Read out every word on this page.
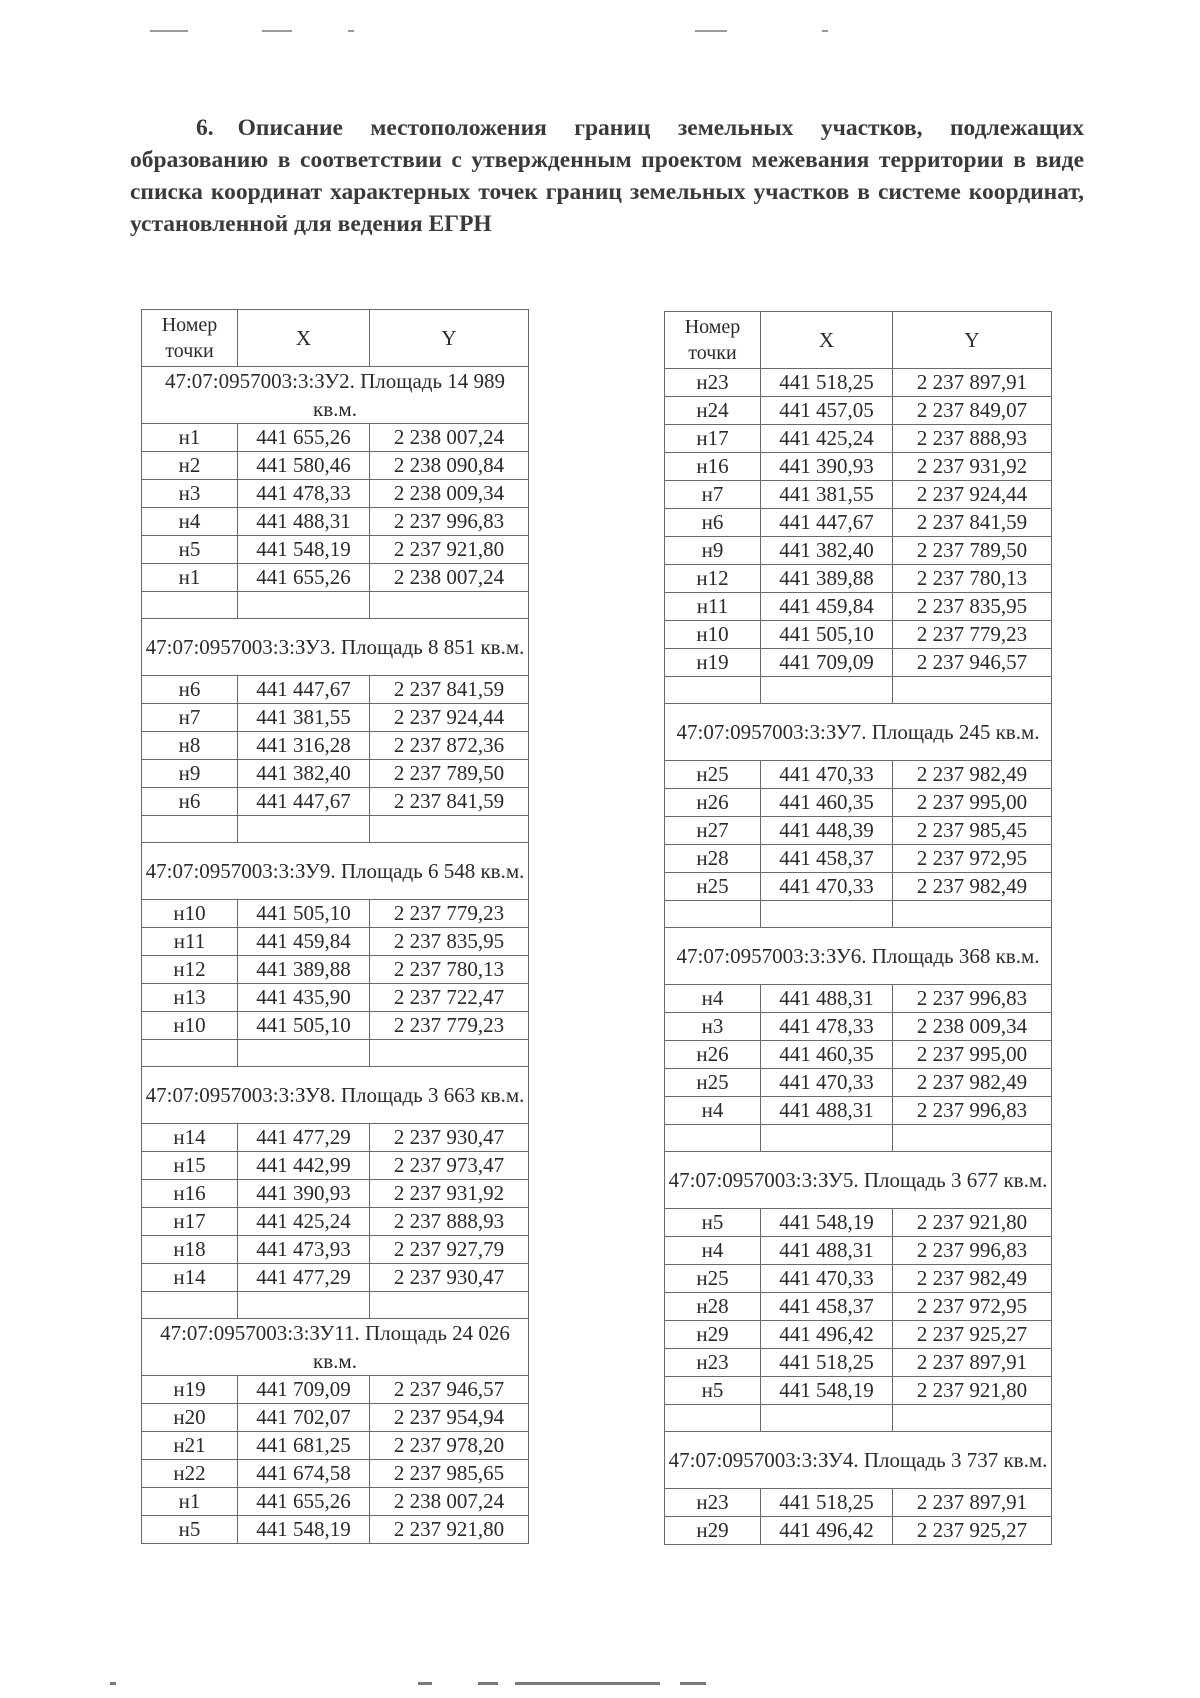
6. Описание местоположения границ земельных участков, подлежащих образованию в соответствии с утвержденным проектом межевания территории в виде списка координат характерных точек границ земельных участков в системе координат, установленной для ведения ЕГРН

Номер точки	X	Y
47:07:0957003:3:ЗУ2. Площадь 14 989 кв.м.		
н1	441 655,26	2 238 007,24
н2	441 580,46	2 238 090,84
н3	441 478,33	2 238 009,34
н4	441 488,31	2 237 996,83
н5	441 548,19	2 237 921,80
н1	441 655,26	2 238 007,24

47:07:0957003:3:ЗУ3. Площадь 8 851 кв.м.		
н6	441 447,67	2 237 841,59
н7	441 381,55	2 237 924,44
н8	441 316,28	2 237 872,36
н9	441 382,40	2 237 789,50
н6	441 447,67	2 237 841,59

47:07:0957003:3:ЗУ9. Площадь 6 548 кв.м.		
н10	441 505,10	2 237 779,23
н11	441 459,84	2 237 835,95
н12	441 389,88	2 237 780,13
н13	441 435,90	2 237 722,47
н10	441 505,10	2 237 779,23

47:07:0957003:3:ЗУ8. Площадь 3 663 кв.м.		
н14	441 477,29	2 237 930,47
н15	441 442,99	2 237 973,47
н16	441 390,93	2 237 931,92
н17	441 425,24	2 237 888,93
н18	441 473,93	2 237 927,79
н14	441 477,29	2 237 930,47

47:07:0957003:3:ЗУ11. Площадь 24 026 кв.м.		
н19	441 709,09	2 237 946,57
н20	441 702,07	2 237 954,94
н21	441 681,25	2 237 978,20
н22	441 674,58	2 237 985,65
н1	441 655,26	2 238 007,24
н5	441 548,19	2 237 921,80
Номер точки	X	Y
н23	441 518,25	2 237 897,91
н24	441 457,05	2 237 849,07
н17	441 425,24	2 237 888,93
н16	441 390,93	2 237 931,92
н7	441 381,55	2 237 924,44
н6	441 447,67	2 237 841,59
н9	441 382,40	2 237 789,50
н12	441 389,88	2 237 780,13
н11	441 459,84	2 237 835,95
н10	441 505,10	2 237 779,23
н19	441 709,09	2 237 946,57

47:07:0957003:3:ЗУ7. Площадь 245 кв.м.		
н25	441 470,33	2 237 982,49
н26	441 460,35	2 237 995,00
н27	441 448,39	2 237 985,45
н28	441 458,37	2 237 972,95
н25	441 470,33	2 237 982,49

47:07:0957003:3:ЗУ6. Площадь 368 кв.м.		
н4	441 488,31	2 237 996,83
н3	441 478,33	2 238 009,34
н26	441 460,35	2 237 995,00
н25	441 470,33	2 237 982,49
н4	441 488,31	2 237 996,83

47:07:0957003:3:ЗУ5. Площадь 3 677 кв.м.		
н5	441 548,19	2 237 921,80
н4	441 488,31	2 237 996,83
н25	441 470,33	2 237 982,49
н28	441 458,37	2 237 972,95
н29	441 496,42	2 237 925,27
н23	441 518,25	2 237 897,91
н5	441 548,19	2 237 921,80

47:07:0957003:3:ЗУ4. Площадь 3 737 кв.м.		
н23	441 518,25	2 237 897,91
н29	441 496,42	2 237 925,27
